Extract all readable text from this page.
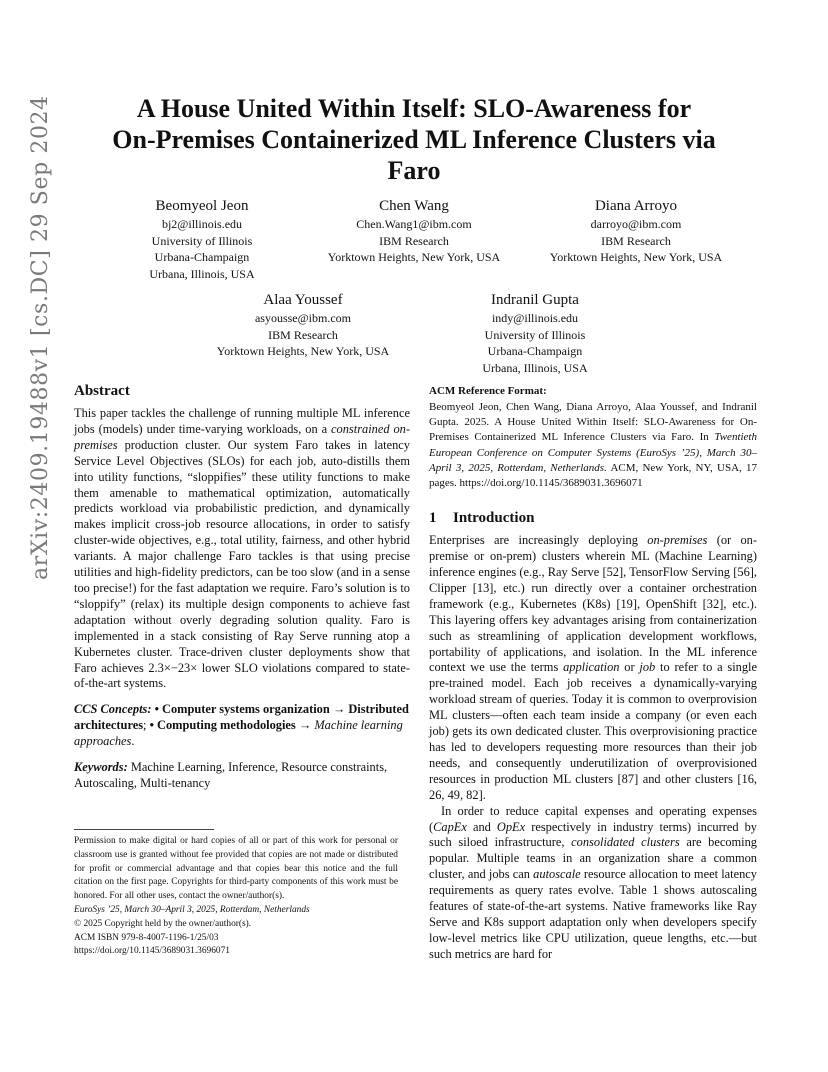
A House United Within Itself: SLO-Awareness for
On-Premises Containerized ML Inference Clusters via
Faro
Beomyeol Jeon
bj2@illinois.edu
University of Illinois
Urbana-Champaign
Urbana, Illinois, USA
Chen Wang
Chen.Wang1@ibm.com
IBM Research
Yorktown Heights, New York, USA
Diana Arroyo
darroyo@ibm.com
IBM Research
Yorktown Heights, New York, USA
Alaa Youssef
asyousse@ibm.com
IBM Research
Yorktown Heights, New York, USA
Indranil Gupta
indy@illinois.edu
University of Illinois
Urbana-Champaign
Urbana, Illinois, USA
arXiv:2409.19488v1 [cs.DC] 29 Sep 2024 Abstract

This paper tackles the challenge of running multiple ML inference jobs (models) under time-varying workloads, on a constrained on-premises production cluster. Our system Faro takes in latency Service Level Objectives (SLOs) for each job, auto-distills them into utility functions, “sloppifies” these utility functions to make them amenable to mathematical optimization, automatically predicts workload via probabilistic prediction, and dynamically makes implicit cross-job resource allocations, in order to satisfy cluster-wide objectives, e.g., total utility, fairness, and other hybrid variants. A major challenge Faro tackles is that using precise utilities and high-fidelity predictors, can be too slow (and in a sense too precise!) for the fast adaptation we require. Faro’s solution is to “sloppify” (relax) its multiple design components to achieve fast adaptation without overly degrading solution quality. Faro is implemented in a stack consisting of Ray Serve running atop a Kubernetes cluster. Trace-driven cluster deployments show that Faro achieves 2.3×−23× lower SLO violations compared to state-of-the-art systems.

CCS Concepts: • Computer systems organization → Distributed architectures; • Computing methodologies → Machine learning approaches.
Keywords: Machine Learning, Inference, Resource constraints, Autoscaling, Multi-tenancy

Permission to make digital or hard copies of all or part of this work for personal or classroom use is granted without fee provided that copies are not made or distributed for profit or commercial advantage and that copies bear this notice and the full citation on the first page. Copyrights for third-party components of this work must be honored. For all other uses, contact the owner/author(s).

EuroSys ’25, March 30–April 3, 2025, Rotterdam, Netherlands
© 2025 Copyright held by the owner/author(s).
ACM ISBN 979-8-4007-1196-1/25/03
https://doi.org/10.1145/3689031.3696071
ACM Reference Format:

Beomyeol Jeon, Chen Wang, Diana Arroyo, Alaa Youssef, and Indranil Gupta. 2025. A House United Within Itself: SLO-Awareness for On-Premises Containerized ML Inference Clusters via Faro. In Twentieth European Conference on Computer Systems (EuroSys ’25), March 30–April 3, 2025, Rotterdam, Netherlands. ACM, New York, NY, USA, 17 pages. https://doi.org/10.1145/3689031.3696071

1 Introduction

Enterprises are increasingly deploying on-premises (or on-premise or on-prem) clusters wherein ML (Machine Learning) inference engines (e.g., Ray Serve [52], TensorFlow Serving [56], Clipper [13], etc.) run directly over a container orchestration framework (e.g., Kubernetes (K8s) [19], OpenShift [32], etc.). This layering offers key advantages arising from containerization such as streamlining of application development workflows, portability of applications, and isolation. In the ML inference context we use the terms application or job to refer to a single pre-trained model. Each job receives a dynamically-varying workload stream of queries. Today it is common to overprovision ML clusters—often each team inside a company (or even each job) gets its own dedicated cluster. This overprovisioning practice has led to developers requesting more resources than their job needs, and consequently underutilization of overprovisioned resources in production ML clusters [87] and other clusters [16, 26, 49, 82].

In order to reduce capital expenses and operating expenses (CapEx and OpEx respectively in industry terms) incurred by such siloed infrastructure, consolidated clusters are becoming popular. Multiple teams in an organization share a common cluster, and jobs can autoscale resource allocation to meet latency requirements as query rates evolve. Table 1 shows autoscaling features of state-of-the-art systems. Native frameworks like Ray Serve and K8s support adaptation only when developers specify low-level metrics like CPU utilization, queue lengths, etc.—but such metrics are hard for
